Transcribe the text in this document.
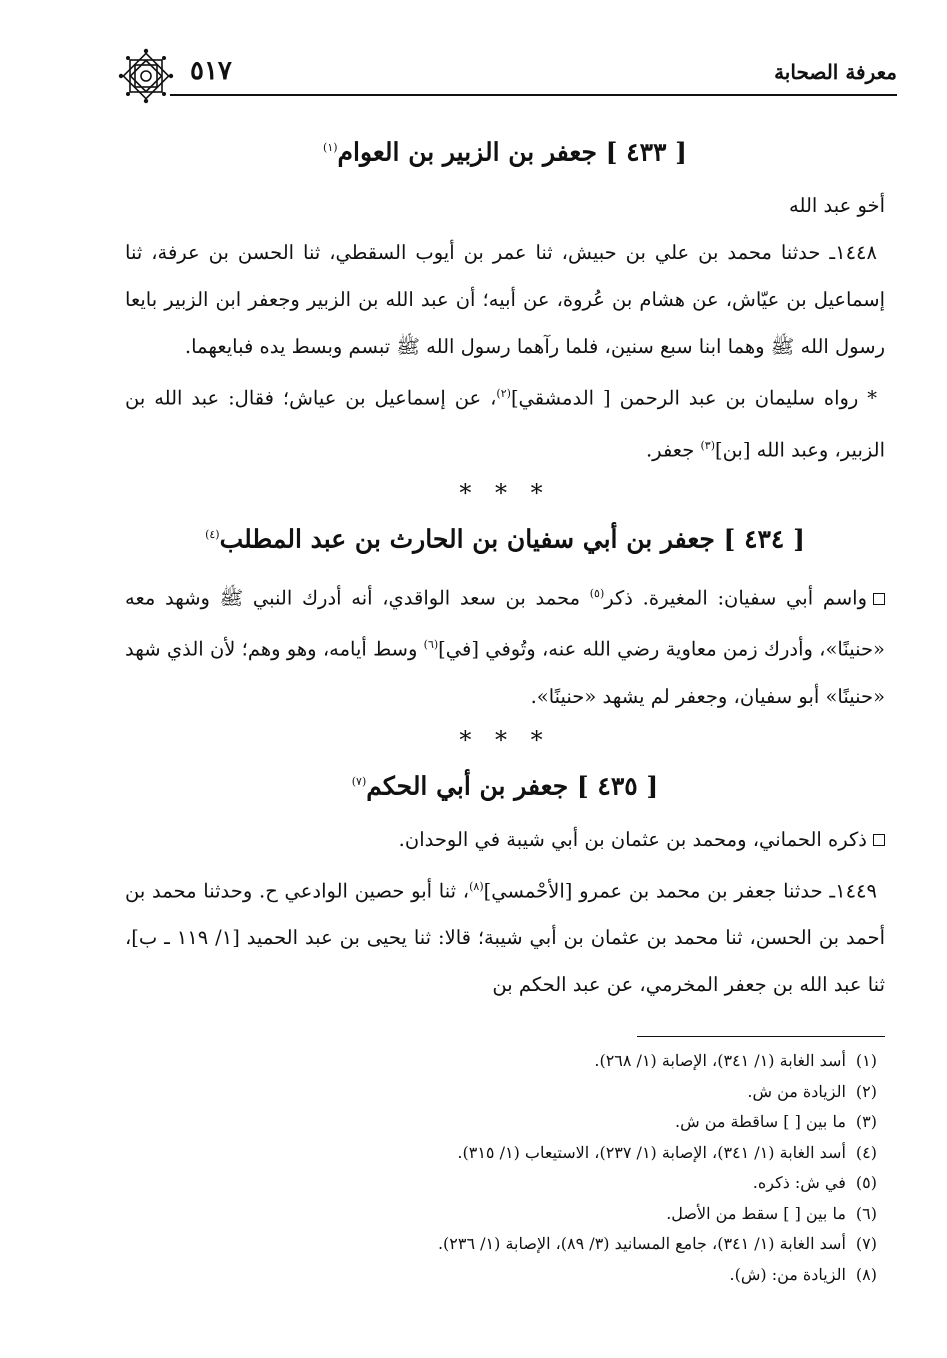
معرفة الصحابة
٥١٧
[ ٤٣٣ ] جعفر بن الزبير بن العوام$^{(١)}$

أخو عبد الله

١٤٤٨ـ حدثنا محمد بن علي بن حبيش، ثنا عمر بن أيوب السقطي، ثنا الحسن بن عرفة، ثنا إسماعيل بن عيّاش، عن هشام بن عُروة، عن أبيه؛ أن عبد الله بن الزبير وجعفر ابن الزبير بايعا رسول الله ﷺ وهما ابنا سبع سنين، فلما رآهما رسول الله ﷺ تبسم وبسط يده فبايعهما.

* رواه سليمان بن عبد الرحمن [ الدمشقي]$^{(٢)}$، عن إسماعيل بن عياش؛ فقال: عبد الله بن الزبير، وعبد الله [بن]$^{(٣)}$ جعفر.

* * *
[ ٤٣٤ ] جعفر بن أبي سفيان بن الحارث بن عبد المطلب$^{(٤)}$

واسم أبي سفيان: المغيرة. ذكر$^{(٥)}$ محمد بن سعد الواقدي، أنه أدرك النبي ﷺ وشهد معه «حنينًا»، وأدرك زمن معاوية رضي الله عنه، وتُوفي [في]$^{(٦)}$ وسط أيامه، وهو وهم؛ لأن الذي شهد «حنينًا» أبو سفيان، وجعفر لم يشهد «حنينًا».

* * *
[ ٤٣٥ ] جعفر بن أبي الحكم$^{(٧)}$

ذكره الحماني، ومحمد بن عثمان بن أبي شيبة في الوحدان.

١٤٤٩ـ حدثنا جعفر بن محمد بن عمرو [الأحْمسي]$^{(٨)}$، ثنا أبو حصين الوادعي ح. وحدثنا محمد بن أحمد بن الحسن، ثنا محمد بن عثمان بن أبي شيبة؛ قالا: ثنا يحيى بن عبد الحميد [١/ ١١٩ ـ ب]، ثنا عبد الله بن جعفر المخرمي، عن عبد الحكم بن

(١)أسد الغابة (١/ ٣٤١)، الإصابة (١/ ٢٦٨).
(٢)الزيادة من ش.
(٣)ما بين [ ] ساقطة من ش.
(٤)أسد الغابة (١/ ٣٤١)، الإصابة (١/ ٢٣٧)، الاستيعاب (١/ ٣١٥).
(٥)في ش: ذكره.
(٦)ما بين [ ] سقط من الأصل.
(٧)أسد الغابة (١/ ٣٤١)، جامع المسانيد (٣/ ٨٩)، الإصابة (١/ ٢٣٦).
(٨)الزيادة من: (ش).
